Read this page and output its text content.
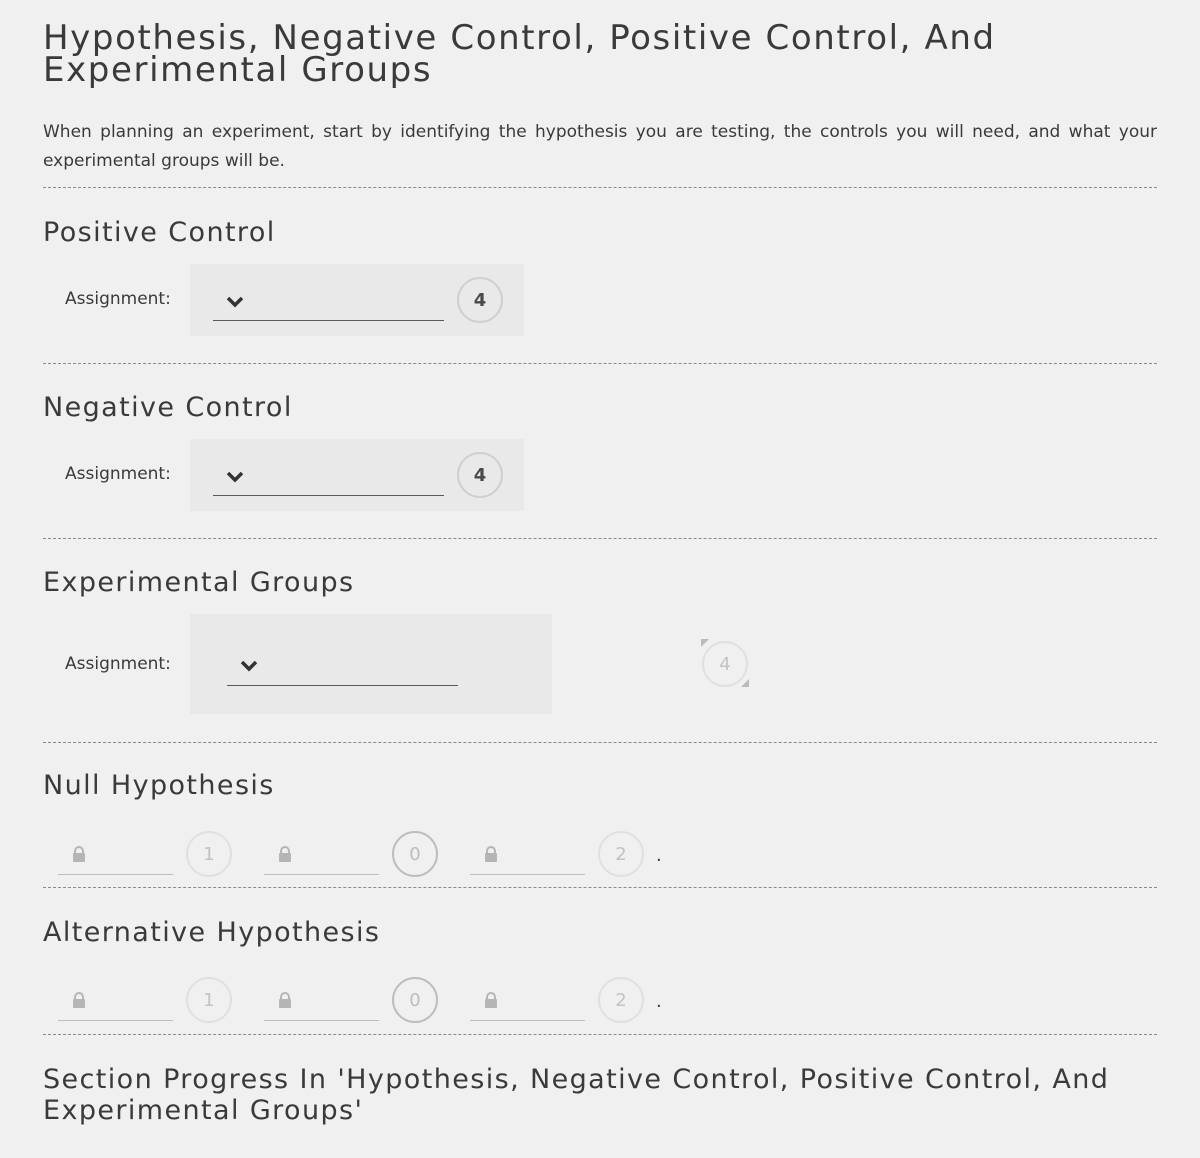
Hypothesis, Negative Control, Positive Control, And Experimental Groups
When planning an experiment, start by identifying the hypothesis you are testing, the controls you will need, and what your experimental groups will be.
Positive Control
Assignment:	4
Negative Control
Assignment:	4
Experimental Groups
Assignment:	4
Null Hypothesis
1	0	2	.
Alternative Hypothesis
1	0	2	.
Section Progress In 'Hypothesis, Negative Control, Positive Control, And Experimental Groups'
